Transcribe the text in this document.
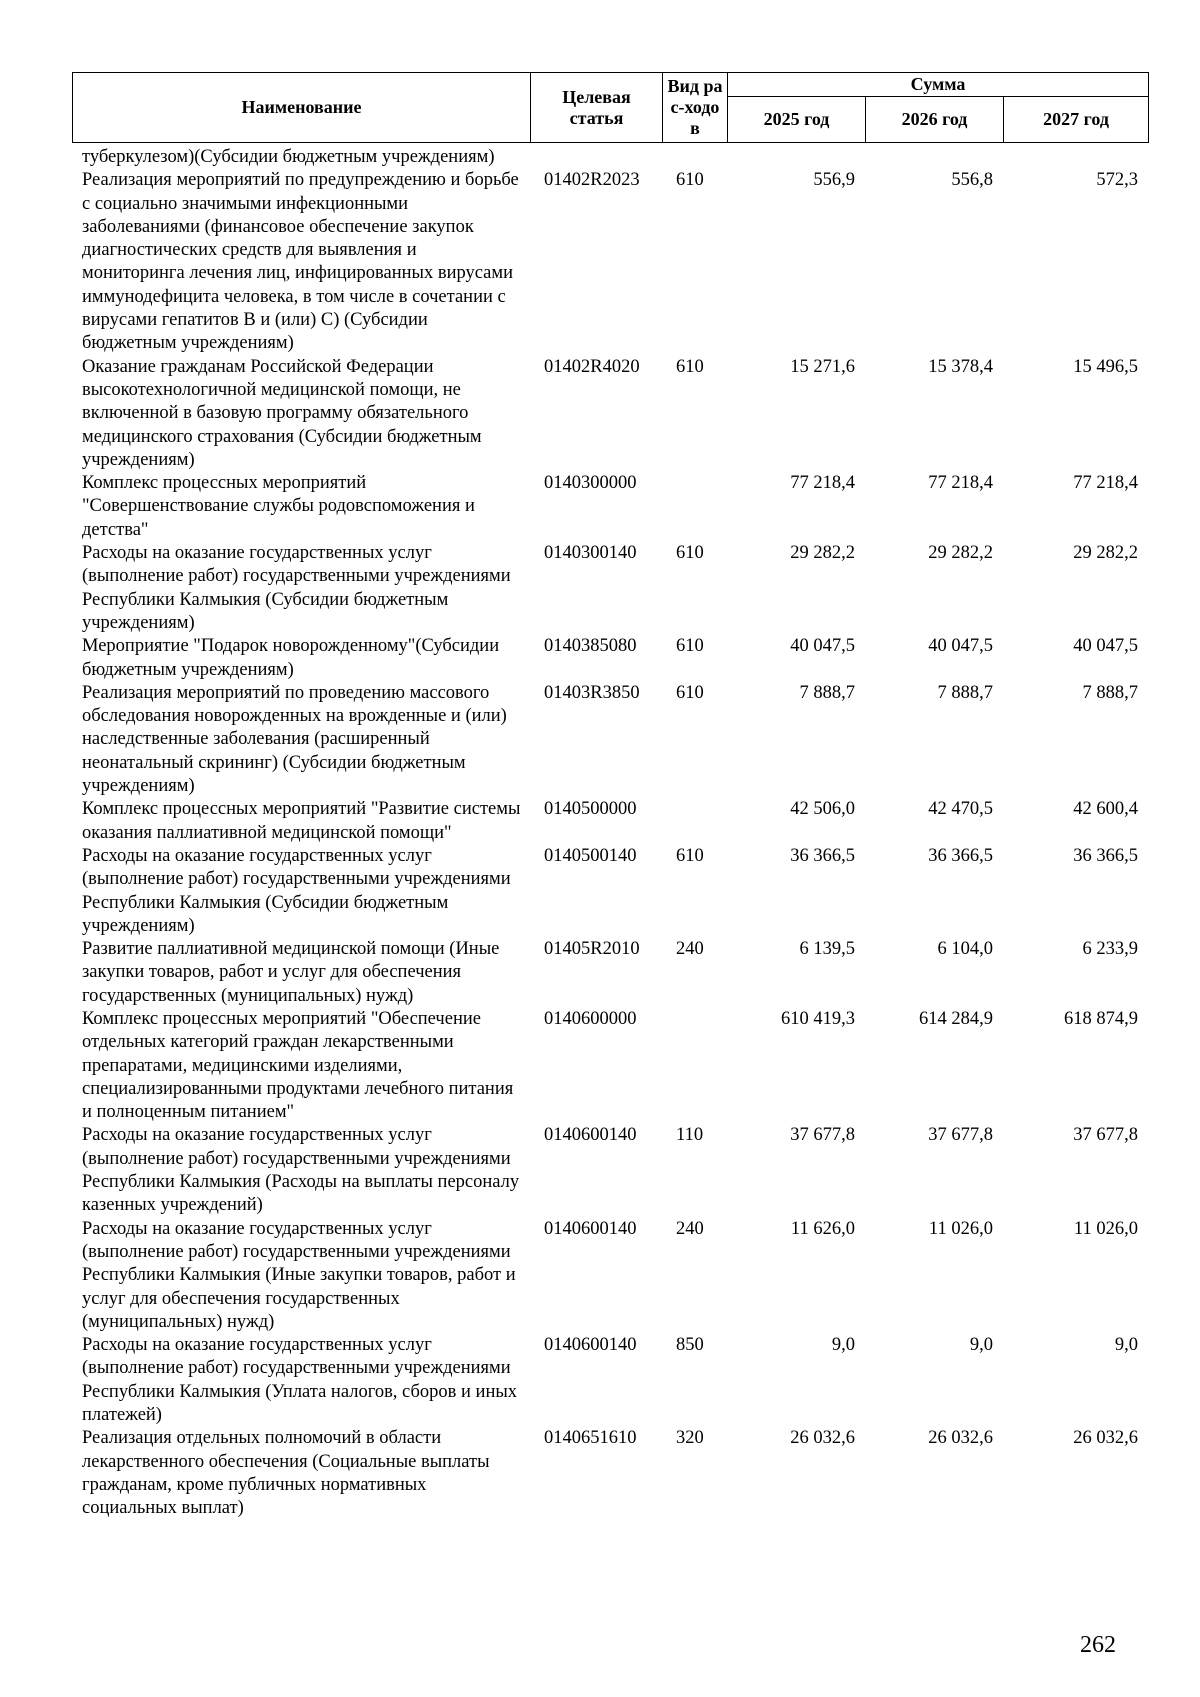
Наименование	Целевая статья	Вид рас-ходов	Сумма		
			2025 год	2026 год	2027 год
туберкулезом)(Субсидии бюджетным учреждениям)					
Реализация мероприятий по предупреждению и борьбе с социально значимыми инфекционными заболеваниями (финансовое обеспечение закупок диагностических средств для выявления и мониторинга лечения лиц, инфицированных вирусами иммунодефицита человека, в том числе в сочетании с вирусами гепатитов В и (или) С) (Субсидии бюджетным учреждениям)	01402R2023	610	556,9	556,8	572,3
Оказание гражданам Российской Федерации высокотехнологичной медицинской помощи, не включенной в базовую программу обязательного медицинского страхования (Субсидии бюджетным учреждениям)	01402R4020	610	15 271,6	15 378,4	15 496,5
Комплекс процессных мероприятий "Совершенствование службы родовспоможения и детства"	0140300000		77 218,4	77 218,4	77 218,4
Расходы на оказание государственных услуг (выполнение работ) государственными учреждениями Республики Калмыкия (Субсидии бюджетным учреждениям)	0140300140	610	29 282,2	29 282,2	29 282,2
Мероприятие "Подарок новорожденному"(Субсидии бюджетным учреждениям)	0140385080	610	40 047,5	40 047,5	40 047,5
Реализация мероприятий по проведению массового обследования новорожденных на врожденные и (или) наследственные заболевания (расширенный неонатальный скрининг) (Субсидии бюджетным учреждениям)	01403R3850	610	7 888,7	7 888,7	7 888,7
Комплекс процессных мероприятий "Развитие системы оказания паллиативной медицинской помощи"	0140500000		42 506,0	42 470,5	42 600,4
Расходы на оказание государственных услуг (выполнение работ) государственными учреждениями Республики Калмыкия (Субсидии бюджетным учреждениям)	0140500140	610	36 366,5	36 366,5	36 366,5
Развитие паллиативной медицинской помощи (Иные закупки товаров, работ и услуг для обеспечения государственных (муниципальных) нужд)	01405R2010	240	6 139,5	6 104,0	6 233,9
Комплекс процессных мероприятий "Обеспечение отдельных категорий граждан лекарственными препаратами, медицинскими изделиями, специализированными продуктами лечебного питания и полноценным питанием"	0140600000		610 419,3	614 284,9	618 874,9
Расходы на оказание государственных услуг (выполнение работ) государственными учреждениями Республики Калмыкия (Расходы на выплаты персоналу казенных учреждений)	0140600140	110	37 677,8	37 677,8	37 677,8
Расходы на оказание государственных услуг (выполнение работ) государственными учреждениями Республики Калмыкия (Иные закупки товаров, работ и услуг для обеспечения государственных (муниципальных) нужд)	0140600140	240	11 626,0	11 026,0	11 026,0
Расходы на оказание государственных услуг (выполнение работ) государственными учреждениями Республики Калмыкия (Уплата налогов, сборов и иных платежей)	0140600140	850	9,0	9,0	9,0
Реализация отдельных полномочий в области лекарственного обеспечения (Социальные выплаты гражданам, кроме публичных нормативных социальных выплат)	0140651610	320	26 032,6	26 032,6	26 032,6
262
